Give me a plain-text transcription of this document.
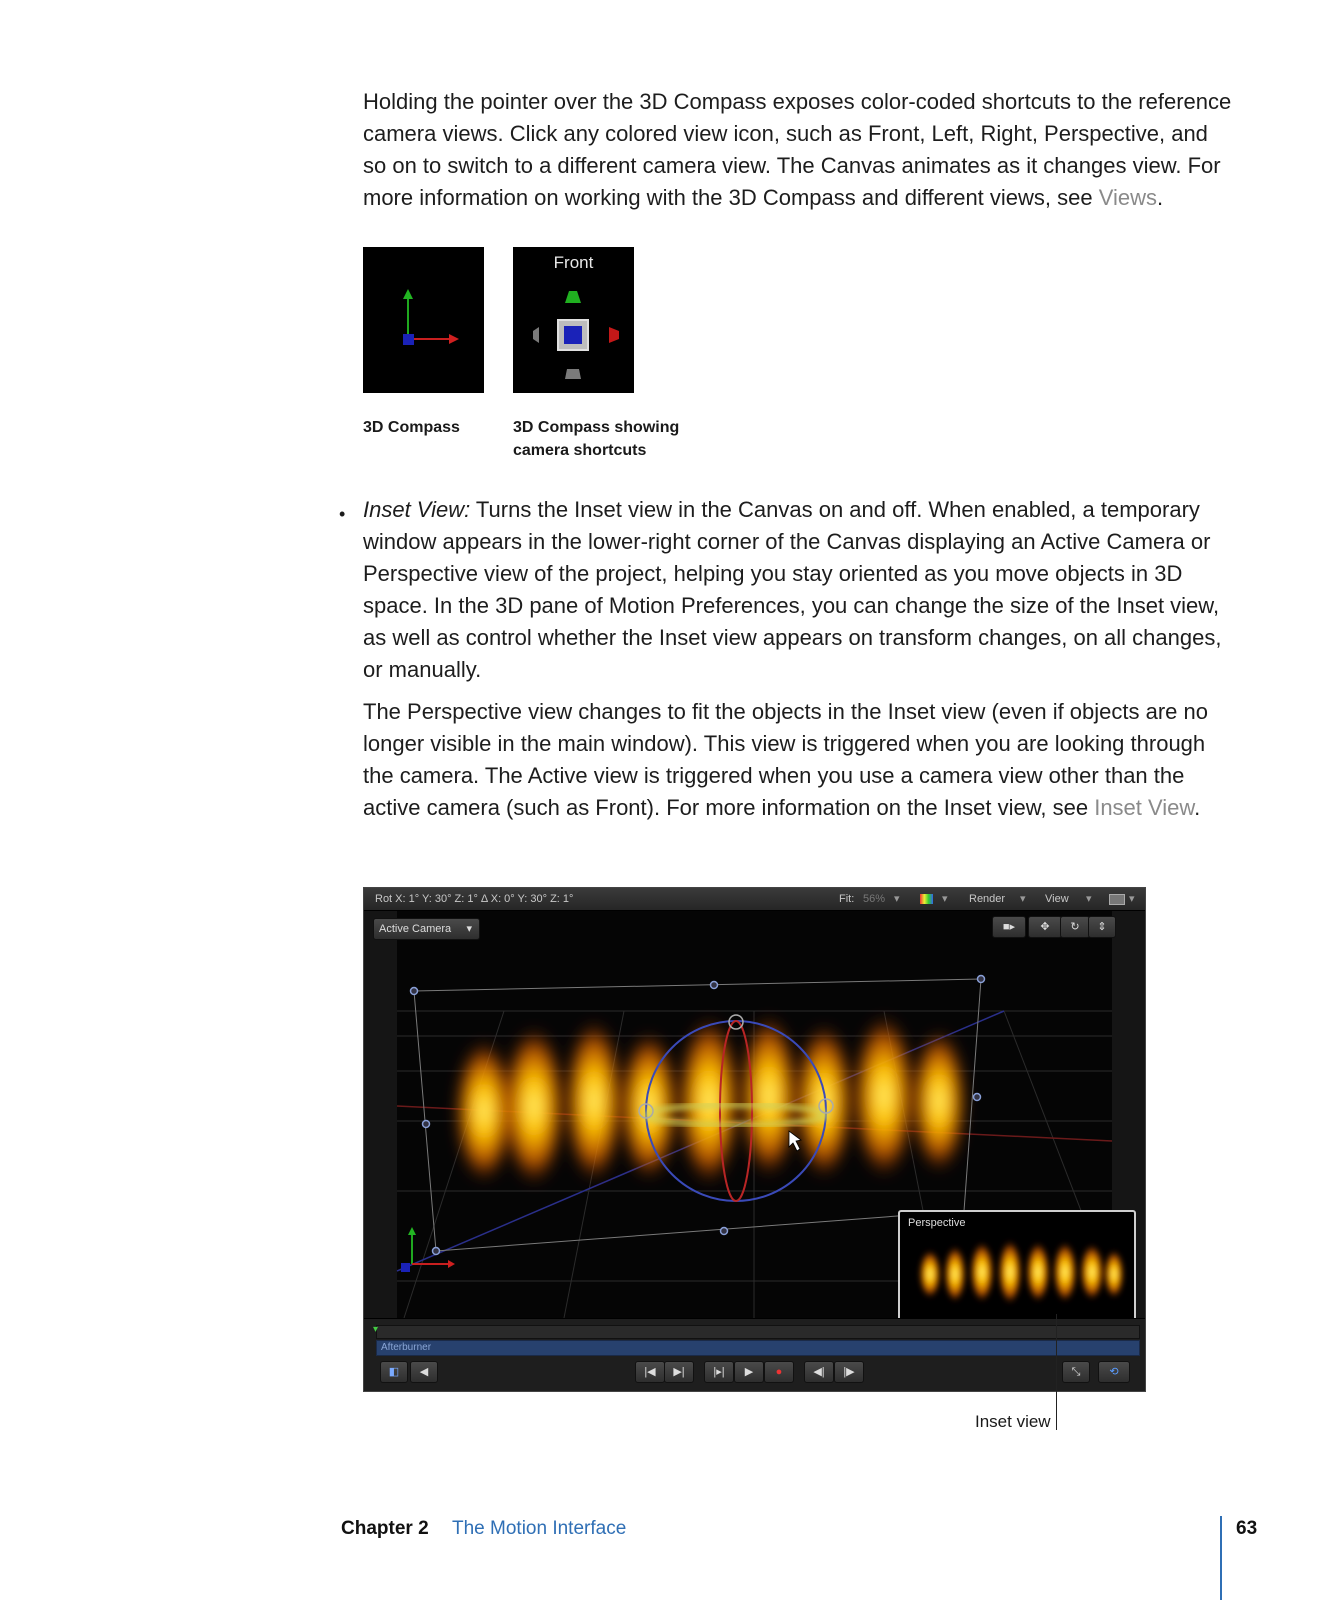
Holding the pointer over the 3D Compass exposes color-coded shortcuts to the reference camera views. Click any colored view icon, such as Front, Left, Right, Perspective, and so on to switch to a different camera view. The Canvas animates as it changes view. For more information on working with the 3D Compass and different views, see Views.

Front
3D Compass	3D Compass showing
camera shortcuts
• Inset View: Turns the Inset view in the Canvas on and off. When enabled, a temporary window appears in the lower-right corner of the Canvas displaying an Active Camera or Perspective view of the project, helping you stay oriented as you move objects in 3D space. In the 3D pane of Motion Preferences, you can change the size of the Inset view, as well as control whether the Inset view appears on transform changes, on all changes, or manually.

The Perspective view changes to fit the objects in the Inset view (even if objects are no longer visible in the main window). This view is triggered when you are looking through the camera. The Active view is triggered when you use a camera view other than the active camera (such as Front). For more information on the Inset view, see Inset View.

Rot X: 1° Y: 30° Z: 1° Δ X: 0° Y: 30° Z: 1°	Fit: 56% ▾	▾ Render ▾ View ▾	▾
Active Camera ▾	■▸	✥	↻	⇕
Perspective
▾
Afterburner
◧	◀	|◀	▶|	|▸|	▶	●	◀|	|▶	⤡	⟲
Inset view
Chapter 2 The Motion Interface	63
